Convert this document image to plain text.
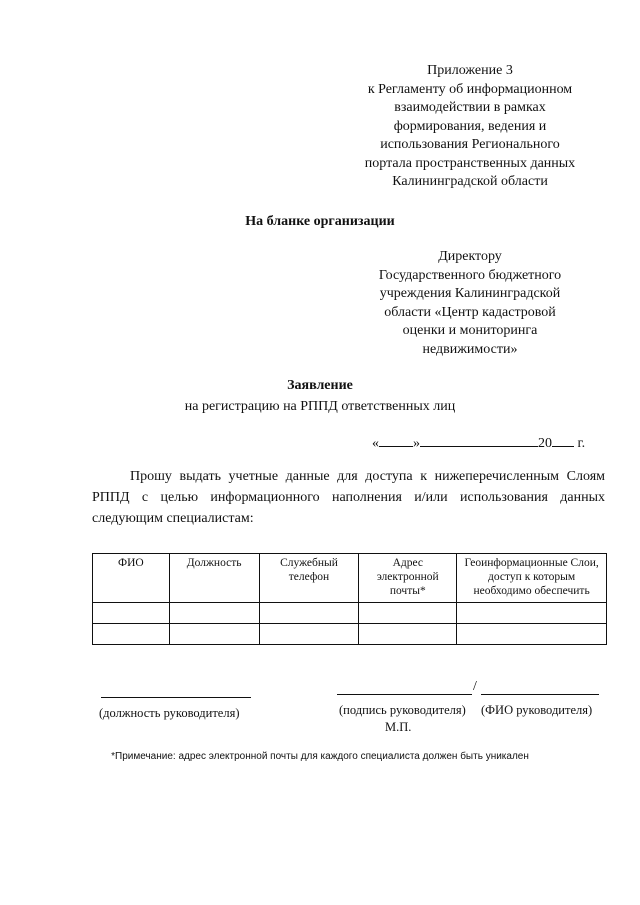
Приложение 3
к Регламенту об информационном
взаимодействии в рамках
формирования, ведения и
использования Регионального
портала пространственных данных
Калининградской области
На бланке организации
Директору
Государственного бюджетного
учреждения Калининградской
области «Центр кадастровой
оценки и мониторинга
недвижимости»
Заявление
на регистрацию на РППД ответственных лиц
« »	20 г.
Прошу выдать учетные данные для доступа к нижеперечисленным Слоям РППД с целью информационного наполнения и/или использования данных следующим специалистам:
ФИО	Должность	Служебный телефон	Адрес электронной почты*	Геоинформационные Слои, доступ к которым необходимо обеспечить

(должность руководителя)
/
(подпись руководителя) (ФИО руководителя)
М.П.
*Примечание: адрес электронной почты для каждого специалиста должен быть уникален
